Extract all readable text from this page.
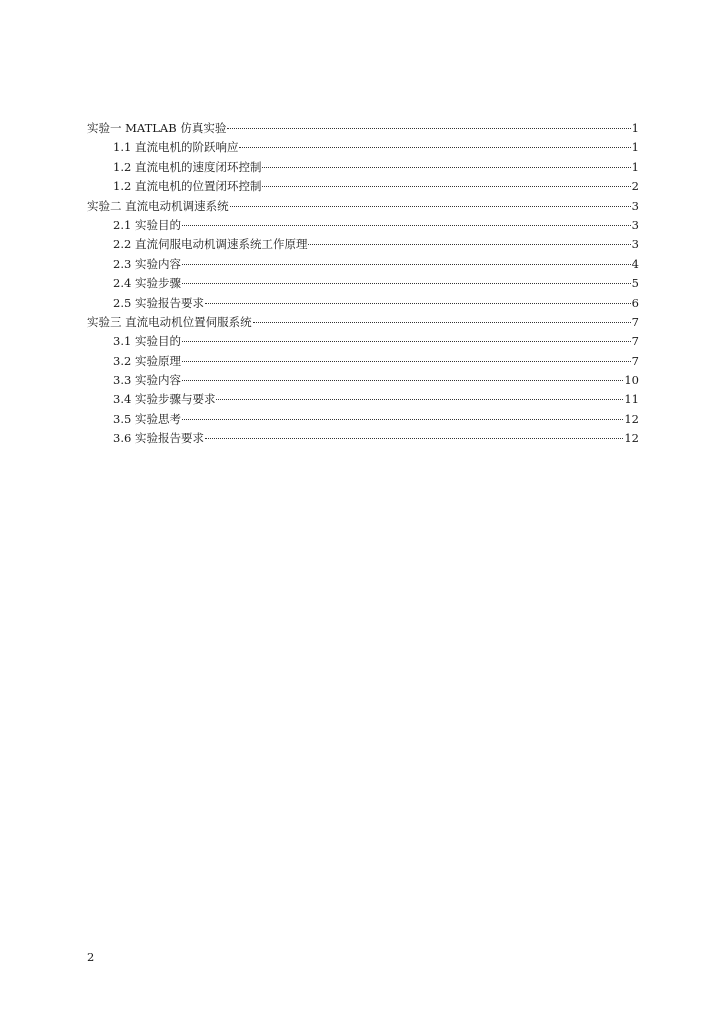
实验一 MATLAB 仿真实验	1
1.1 直流电机的阶跃响应	1
1.2 直流电机的速度闭环控制	1
1.2 直流电机的位置闭环控制	2
实验二 直流电动机调速系统	3
2.1 实验目的	3
2.2 直流伺服电动机调速系统工作原理	3
2.3 实验内容	4
2.4 实验步骤	5
2.5 实验报告要求	6
实验三 直流电动机位置伺服系统	7
3.1 实验目的	7
3.2 实验原理	7
3.3 实验内容	10
3.4 实验步骤与要求	11
3.5 实验思考	12
3.6 实验报告要求	12
2
